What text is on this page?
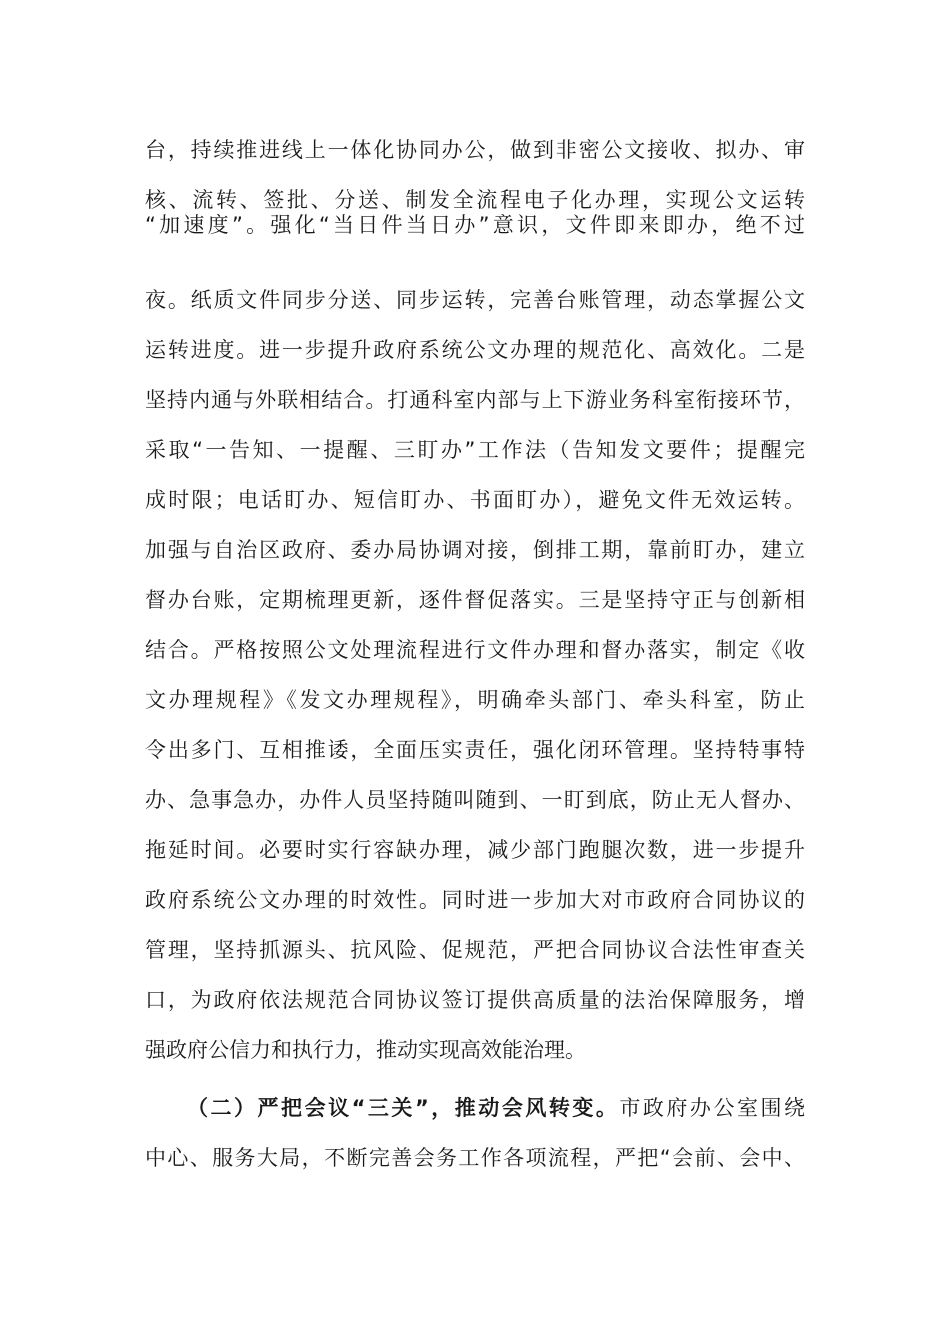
台，持续推进线上一体化协同办公，做到非密公文接收、拟办、审
核、流转、签批、分送、制发全流程电子化办理，实现公文运转
“加速度”。强化“当日件当日办”意识，文件即来即办，绝不过
夜。纸质文件同步分送、同步运转，完善台账管理，动态掌握公文
运转进度。进一步提升政府系统公文办理的规范化、高效化。二是
坚持内通与外联相结合。打通科室内部与上下游业务科室衔接环节，
采取“一告知、一提醒、三盯办”工作法（告知发文要件；提醒完
成时限；电话盯办、短信盯办、书面盯办），避免文件无效运转。
加强与自治区政府、委办局协调对接，倒排工期，靠前盯办，建立
督办台账，定期梳理更新，逐件督促落实。三是坚持守正与创新相
结合。严格按照公文处理流程进行文件办理和督办落实，制定《收
文办理规程》《发文办理规程》，明确牵头部门、牵头科室，防止
令出多门、互相推诿，全面压实责任，强化闭环管理。坚持特事特
办、急事急办，办件人员坚持随叫随到、一盯到底，防止无人督办、
拖延时间。必要时实行容缺办理，减少部门跑腿次数，进一步提升
政府系统公文办理的时效性。同时进一步加大对市政府合同协议的
管理，坚持抓源头、抗风险、促规范，严把合同协议合法性审查关
口，为政府依法规范合同协议签订提供高质量的法治保障服务，增
强政府公信力和执行力，推动实现高效能治理。
（二）严把会议“三关”，推动会风转变。市政府办公室围绕
中心、服务大局，不断完善会务工作各项流程，严把“会前、会中、
